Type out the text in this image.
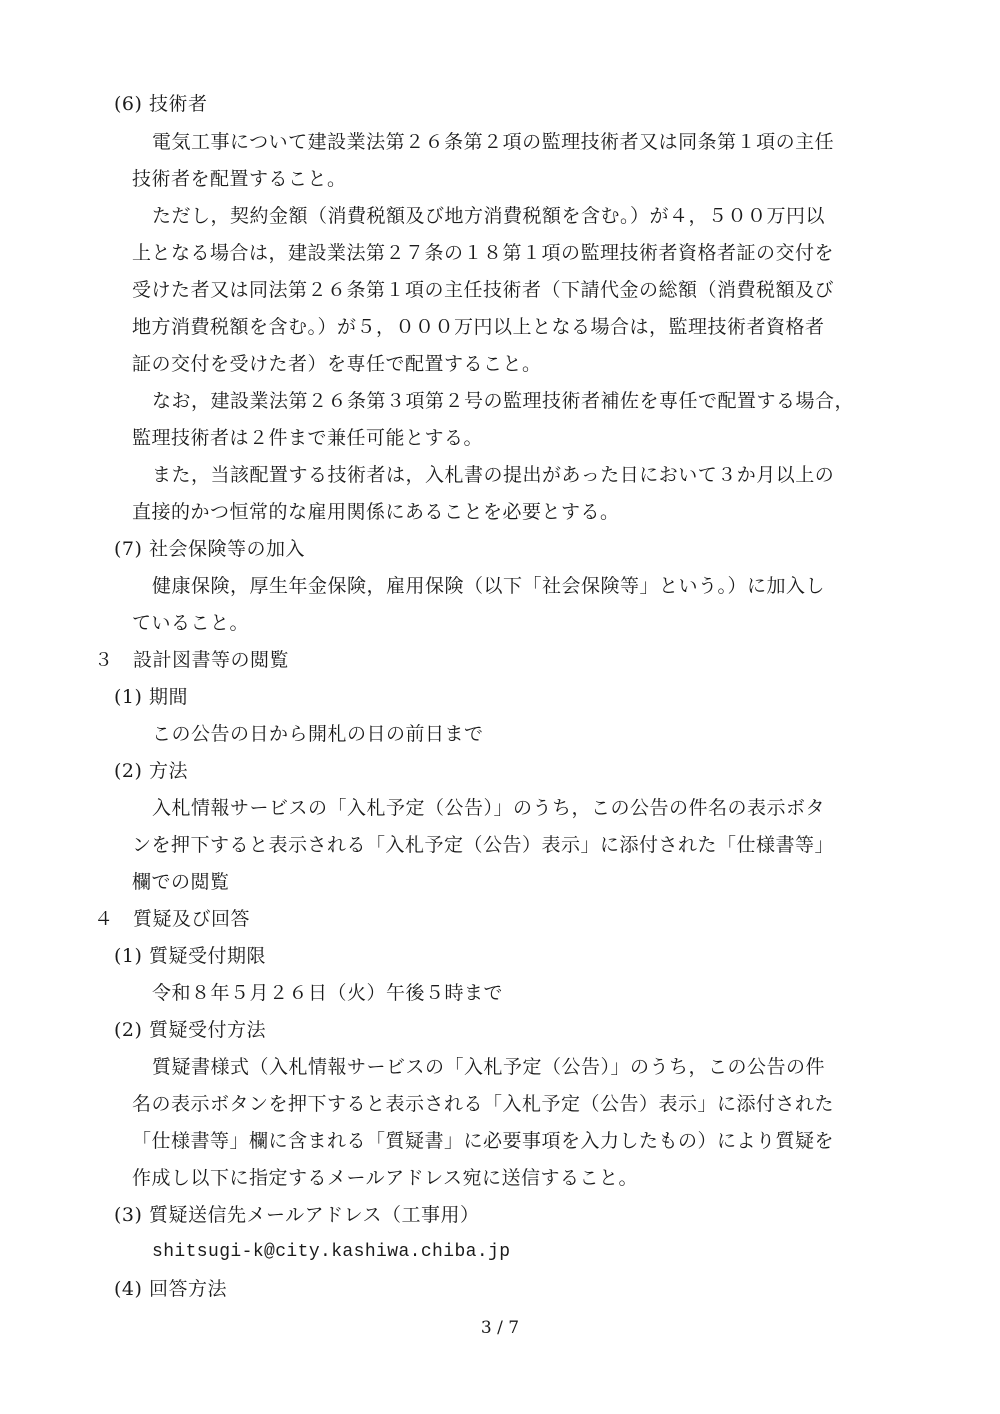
(6) 技術者
電気工事について建設業法第２６条第２項の監理技術者又は同条第１項の主任
技術者を配置すること。
ただし，契約金額（消費税額及び地方消費税額を含む。）が４，５００万円以
上となる場合は，建設業法第２７条の１８第１項の監理技術者資格者証の交付を
受けた者又は同法第２６条第１項の主任技術者（下請代金の総額（消費税額及び
地方消費税額を含む。）が５，０００万円以上となる場合は，監理技術者資格者
証の交付を受けた者）を専任で配置すること。
なお，建設業法第２６条第３項第２号の監理技術者補佐を専任で配置する場合，
監理技術者は２件まで兼任可能とする。
また，当該配置する技術者は，入札書の提出があった日において３か月以上の
直接的かつ恒常的な雇用関係にあることを必要とする。
(7) 社会保険等の加入
健康保険，厚生年金保険，雇用保険（以下「社会保険等」という。）に加入し
ていること。
３　設計図書等の閲覧
(1) 期間
この公告の日から開札の日の前日まで
(2) 方法
入札情報サービスの「入札予定（公告）」のうち，この公告の件名の表示ボタ
ンを押下すると表示される「入札予定（公告）表示」に添付された「仕様書等」
欄での閲覧
４　質疑及び回答
(1) 質疑受付期限
令和８年５月２６日（火）午後５時まで
(2) 質疑受付方法
質疑書様式（入札情報サービスの「入札予定（公告）」のうち，この公告の件
名の表示ボタンを押下すると表示される「入札予定（公告）表示」に添付された
「仕様書等」欄に含まれる「質疑書」に必要事項を入力したもの）により質疑を
作成し以下に指定するメールアドレス宛に送信すること。
(3) 質疑送信先メールアドレス（工事用）
shitsugi-k@city.kashiwa.chiba.jp
(4) 回答方法
3 / 7
